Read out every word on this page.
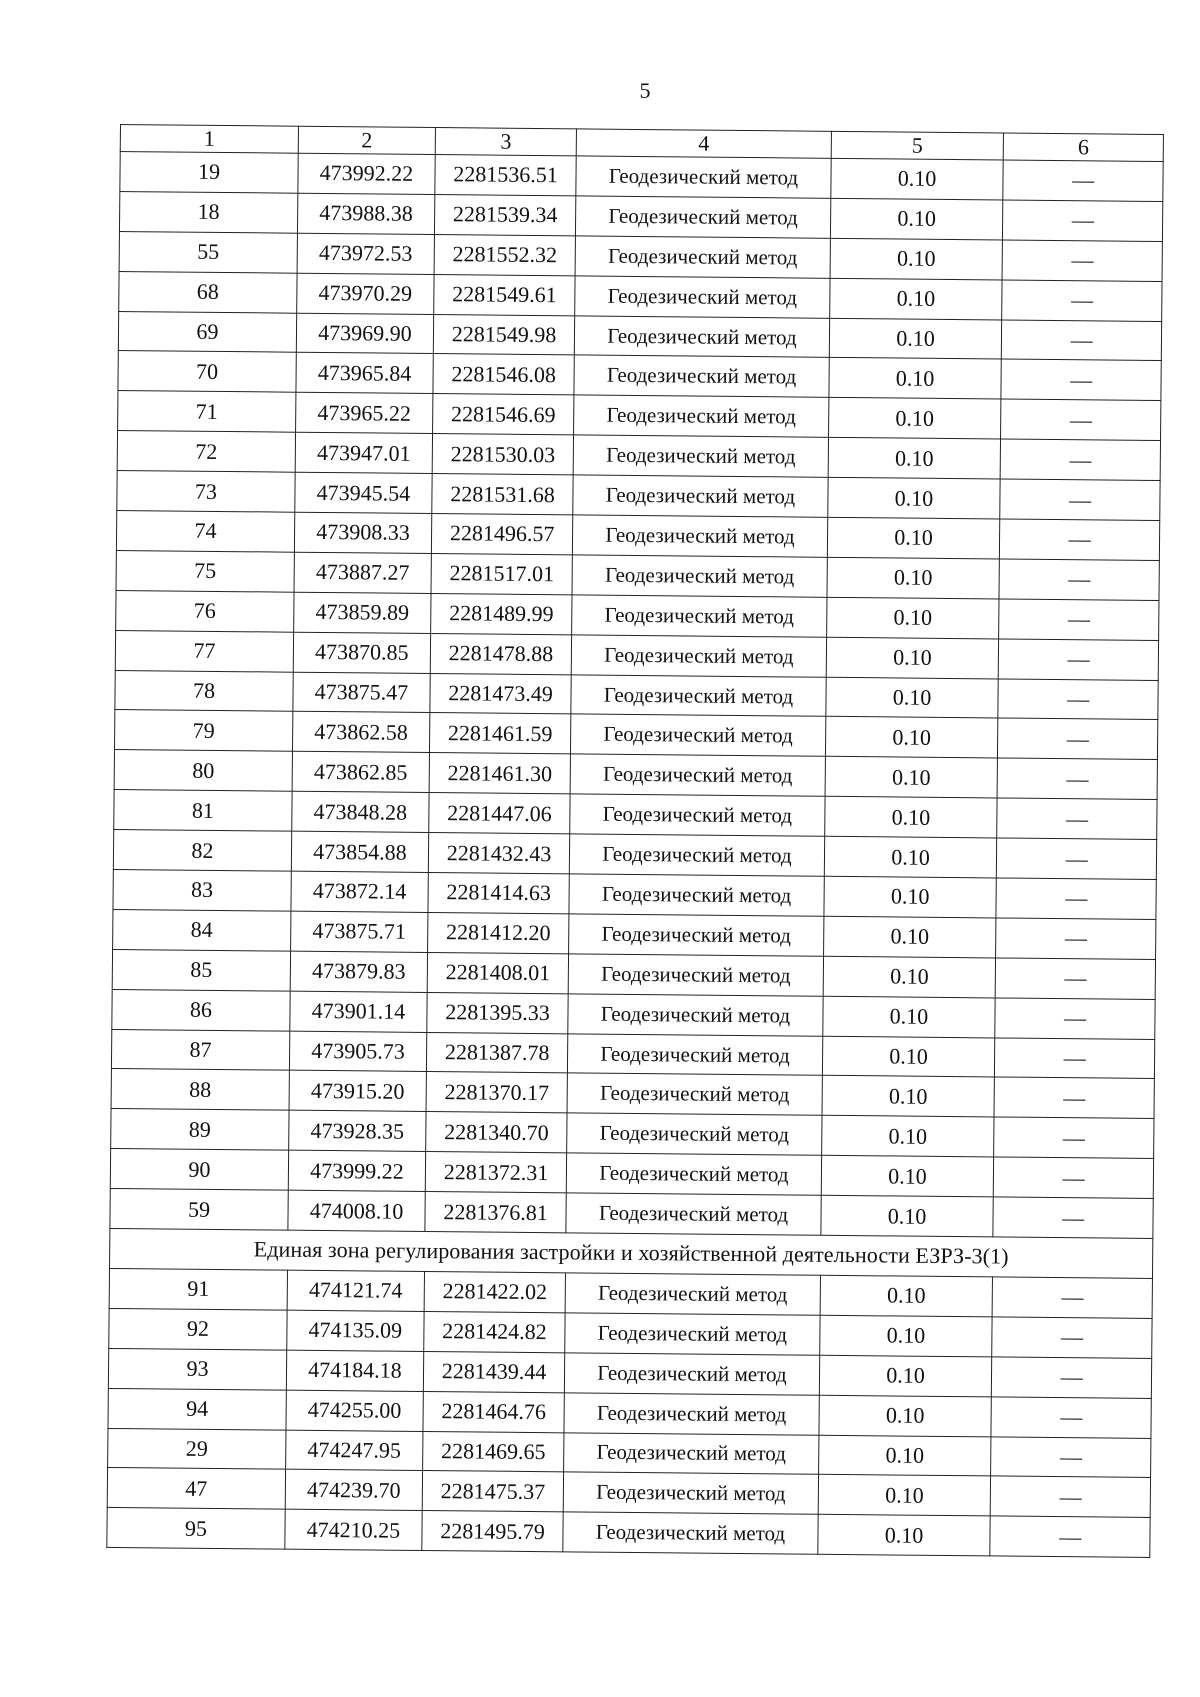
5
1	2	3	4	5	6
19	473992.22	2281536.51	Геодезический метод	0.10	—
18	473988.38	2281539.34	Геодезический метод	0.10	—
55	473972.53	2281552.32	Геодезический метод	0.10	—
68	473970.29	2281549.61	Геодезический метод	0.10	—
69	473969.90	2281549.98	Геодезический метод	0.10	—
70	473965.84	2281546.08	Геодезический метод	0.10	—
71	473965.22	2281546.69	Геодезический метод	0.10	—
72	473947.01	2281530.03	Геодезический метод	0.10	—
73	473945.54	2281531.68	Геодезический метод	0.10	—
74	473908.33	2281496.57	Геодезический метод	0.10	—
75	473887.27	2281517.01	Геодезический метод	0.10	—
76	473859.89	2281489.99	Геодезический метод	0.10	—
77	473870.85	2281478.88	Геодезический метод	0.10	—
78	473875.47	2281473.49	Геодезический метод	0.10	—
79	473862.58	2281461.59	Геодезический метод	0.10	—
80	473862.85	2281461.30	Геодезический метод	0.10	—
81	473848.28	2281447.06	Геодезический метод	0.10	—
82	473854.88	2281432.43	Геодезический метод	0.10	—
83	473872.14	2281414.63	Геодезический метод	0.10	—
84	473875.71	2281412.20	Геодезический метод	0.10	—
85	473879.83	2281408.01	Геодезический метод	0.10	—
86	473901.14	2281395.33	Геодезический метод	0.10	—
87	473905.73	2281387.78	Геодезический метод	0.10	—
88	473915.20	2281370.17	Геодезический метод	0.10	—
89	473928.35	2281340.70	Геодезический метод	0.10	—
90	473999.22	2281372.31	Геодезический метод	0.10	—
59	474008.10	2281376.81	Геодезический метод	0.10	—
Единая зона регулирования застройки и хозяйственной деятельности ЕЗРЗ-3(1)					
91	474121.74	2281422.02	Геодезический метод	0.10	—
92	474135.09	2281424.82	Геодезический метод	0.10	—
93	474184.18	2281439.44	Геодезический метод	0.10	—
94	474255.00	2281464.76	Геодезический метод	0.10	—
29	474247.95	2281469.65	Геодезический метод	0.10	—
47	474239.70	2281475.37	Геодезический метод	0.10	—
95	474210.25	2281495.79	Геодезический метод	0.10	—
